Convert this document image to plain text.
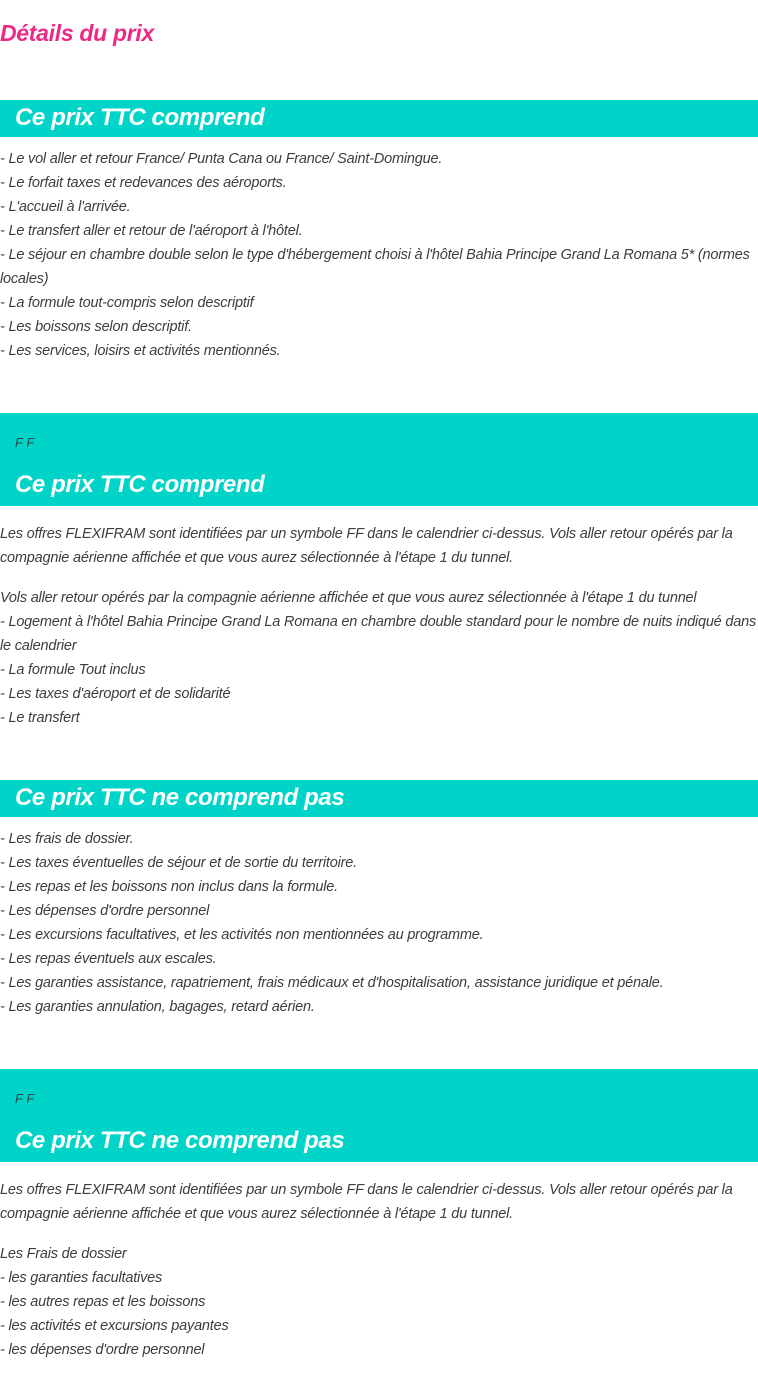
Détails du prix
Ce prix TTC comprend
- Le vol aller et retour France/ Punta Cana ou France/ Saint-Domingue.
- Le forfait taxes et redevances des aéroports.
- L'accueil à l'arrivée.
- Le transfert aller et retour de l'aéroport à l'hôtel.
- Le séjour en chambre double selon le type d'hébergement choisi à l'hôtel Bahia Principe Grand La Romana 5* (normes locales)
- La formule tout-compris selon descriptif
- Les boissons selon descriptif.
- Les services, loisirs et activités mentionnés.
F F
Ce prix TTC comprend
Les offres FLEXIFRAM sont identifiées par un symbole FF dans le calendrier ci-dessus. Vols aller retour opérés par la compagnie aérienne affichée et que vous aurez sélectionnée à l'étape 1 du tunnel.
Vols aller retour opérés par la compagnie aérienne affichée et que vous aurez sélectionnée à l'étape 1 du tunnel
- Logement à l'hôtel Bahia Principe Grand La Romana en chambre double standard pour le nombre de nuits indiqué dans le calendrier
- La formule Tout inclus
- Les taxes d'aéroport et de solidarité
- Le transfert
Ce prix TTC ne comprend pas
- Les frais de dossier.
- Les taxes éventuelles de séjour et de sortie du territoire.
- Les repas et les boissons non inclus dans la formule.
- Les dépenses d'ordre personnel
- Les excursions facultatives, et les activités non mentionnées au programme.
- Les repas éventuels aux escales.
- Les garanties assistance, rapatriement, frais médicaux et d'hospitalisation, assistance juridique et pénale.
- Les garanties annulation, bagages, retard aérien.
F F
Ce prix TTC ne comprend pas
Les offres FLEXIFRAM sont identifiées par un symbole FF dans le calendrier ci-dessus. Vols aller retour opérés par la compagnie aérienne affichée et que vous aurez sélectionnée à l'étape 1 du tunnel.
Les Frais de dossier
- les garanties facultatives
- les autres repas et les boissons
- les activités et excursions payantes
- les dépenses d'ordre personnel
